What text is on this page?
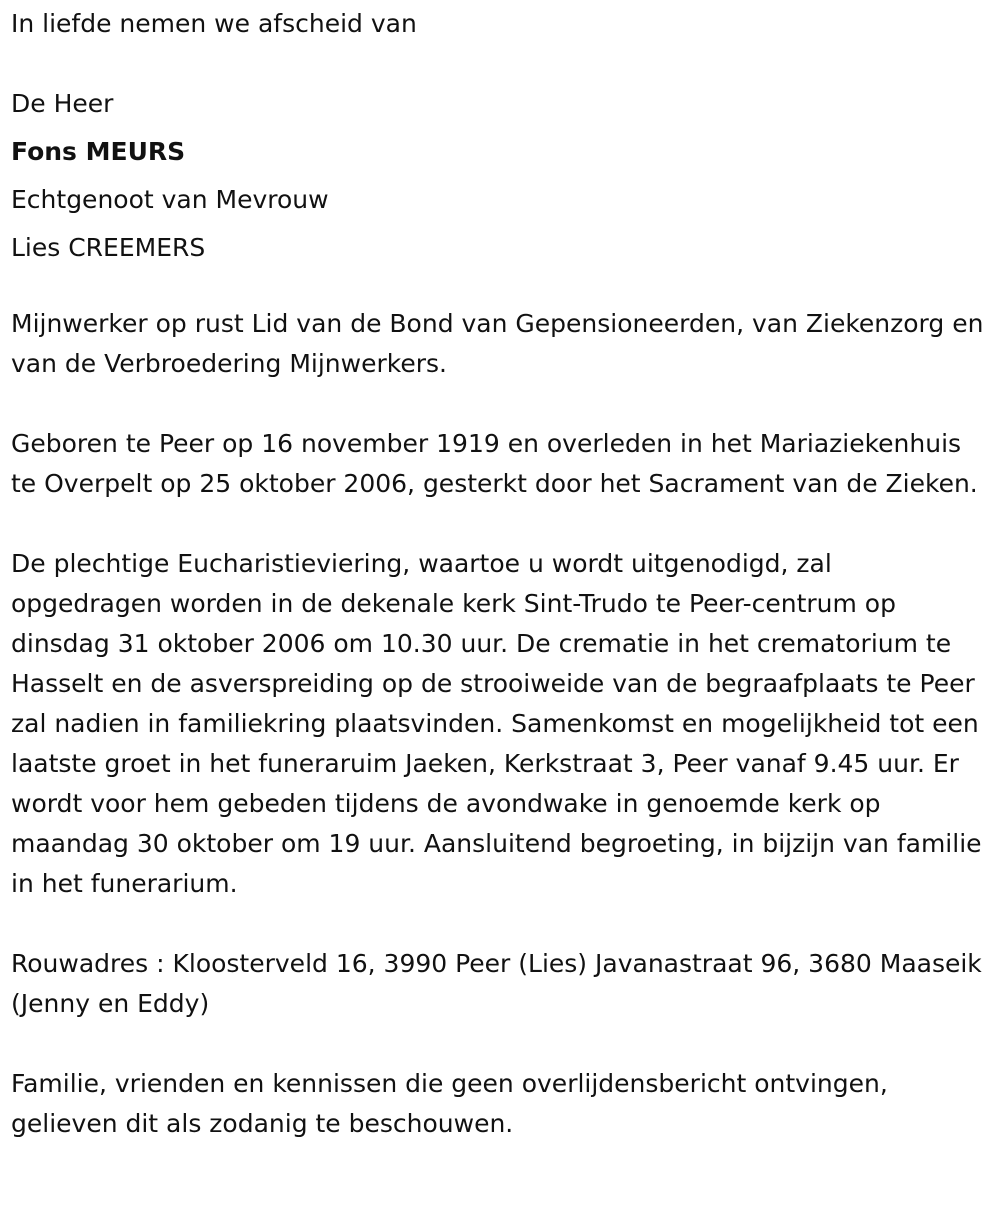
In liefde nemen we afscheid van
De Heer
Fons MEURS
Echtgenoot van Mevrouw
Lies CREEMERS

Mijnwerker op rust Lid van de Bond van Gepensioneerden, van Ziekenzorg en van de Verbroedering Mijnwerkers.

Geboren te Peer op 16 november 1919 en overleden in het Mariaziekenhuis te Overpelt op 25 oktober 2006, gesterkt door het Sacrament van de Zieken.

De plechtige Eucharistieviering, waartoe u wordt uitgenodigd, zal opgedragen worden in de dekenale kerk Sint-Trudo te Peer-centrum op dinsdag 31 oktober 2006 om 10.30 uur. De crematie in het crematorium te Hasselt en de asverspreiding op de strooiweide van de begraafplaats te Peer zal nadien in familiekring plaatsvinden. Samenkomst en mogelijkheid tot een laatste groet in het funeraruim Jaeken, Kerkstraat 3, Peer vanaf 9.45 uur. Er wordt voor hem gebeden tijdens de avondwake in genoemde kerk op maandag 30 oktober om 19 uur. Aansluitend begroeting, in bijzijn van familie in het funerarium.

Rouwadres : Kloosterveld 16, 3990 Peer (Lies) Javanastraat 96, 3680 Maaseik (Jenny en Eddy)

Familie, vrienden en kennissen die geen overlijdensbericht ontvingen, gelieven dit als zodanig te beschouwen.
